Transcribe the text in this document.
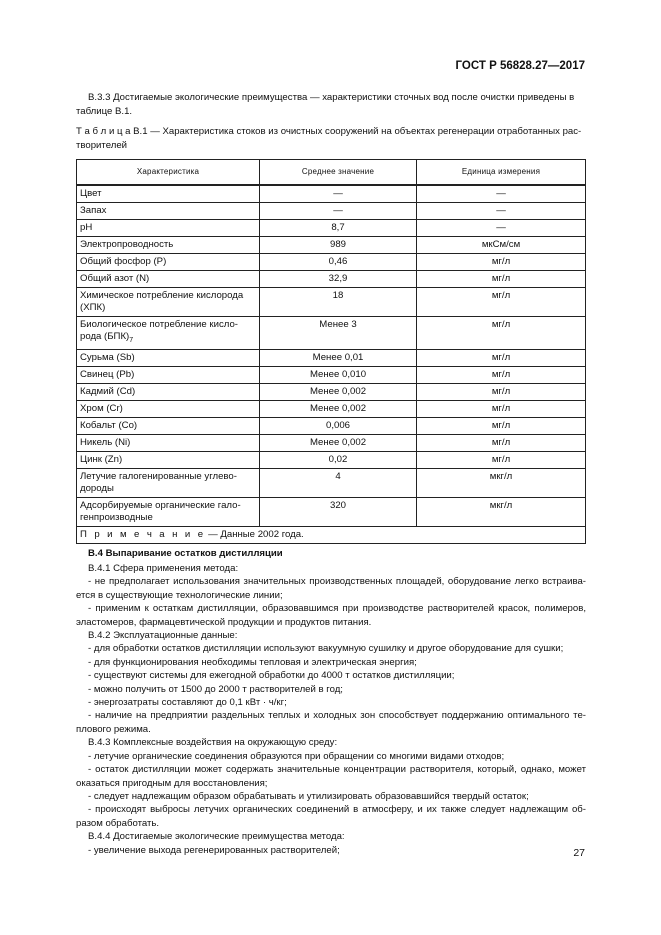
ГОСТ Р 56828.27—2017

В.3.3 Достигаемые экологические преимущества — характеристики сточных вод после очистки приведены в
таблице В.1.

Т а б л и ц а В.1 — Характеристика стоков из очистных сооружений на объектах регенерации отработанных рас-
творителей

Характеристика	Среднее значение	Единица измерения
Цвет	—	—
Запах	—	—
pH	8,7	—
Электропроводность	989	мкСм/см
Общий фосфор (Р)	0,46	мг/л
Общий азот (N)	32,9	мг/л
Химическое потребление кислорода (ХПК)	18	мг/л
Биологическое потребление кисло-рода $(БПК)_7$	Менее 3	мг/л
Сурьма (Sb)	Менее 0,01	мг/л
Свинец (Pb)	Менее 0,010	мг/л
Кадмий (Cd)	Менее 0,002	мг/л
Хром (Cr)	Менее 0,002	мг/л
Кобальт (Co)	0,006	мг/л
Никель (Ni)	Менее 0,002	мг/л
Цинк (Zn)	0,02	мг/л
Летучие галогенированные углево-дороды	4	мкг/л
Адсорбируемые органические гало-генпроизводные	320	мкг/л
П р и м е ч а н и е — Данные 2002 года.		

В.4 Выпаривание остатков дистилляции

В.4.1 Сфера применения метода:
- не предполагает использования значительных производственных площадей, оборудование легко встраива-ется в существующие технологические линии;
- применим к остаткам дистилляции, образовавшимся при производстве растворителей красок, полимеров, эластомеров, фармацевтической продукции и продуктов питания.
В.4.2 Эксплуатационные данные:
- для обработки остатков дистилляции используют вакуумную сушилку и другое оборудование для сушки;
- для функционирования необходимы тепловая и электрическая энергия;
- существуют системы для ежегодной обработки до 4000 т остатков дистилляции;
- можно получить от 1500 до 2000 т растворителей в год;
- энергозатраты составляют до 0,1 кВт · ч/кг;
- наличие на предприятии раздельных теплых и холодных зон способствует поддержанию оптимального те-плового режима.
В.4.3 Комплексные воздействия на окружающую среду:
- летучие органические соединения образуются при обращении со многими видами отходов;
- остаток дистилляции может содержать значительные концентрации растворителя, который, однако, может оказаться пригодным для восстановления;
- следует надлежащим образом обрабатывать и утилизировать образовавшийся твердый остаток;
- происходят выбросы летучих органических соединений в атмосферу, и их также следует надлежащим об-разом обработать.
В.4.4 Достигаемые экологические преимущества метода:
- увеличение выхода регенерированных растворителей;	27
